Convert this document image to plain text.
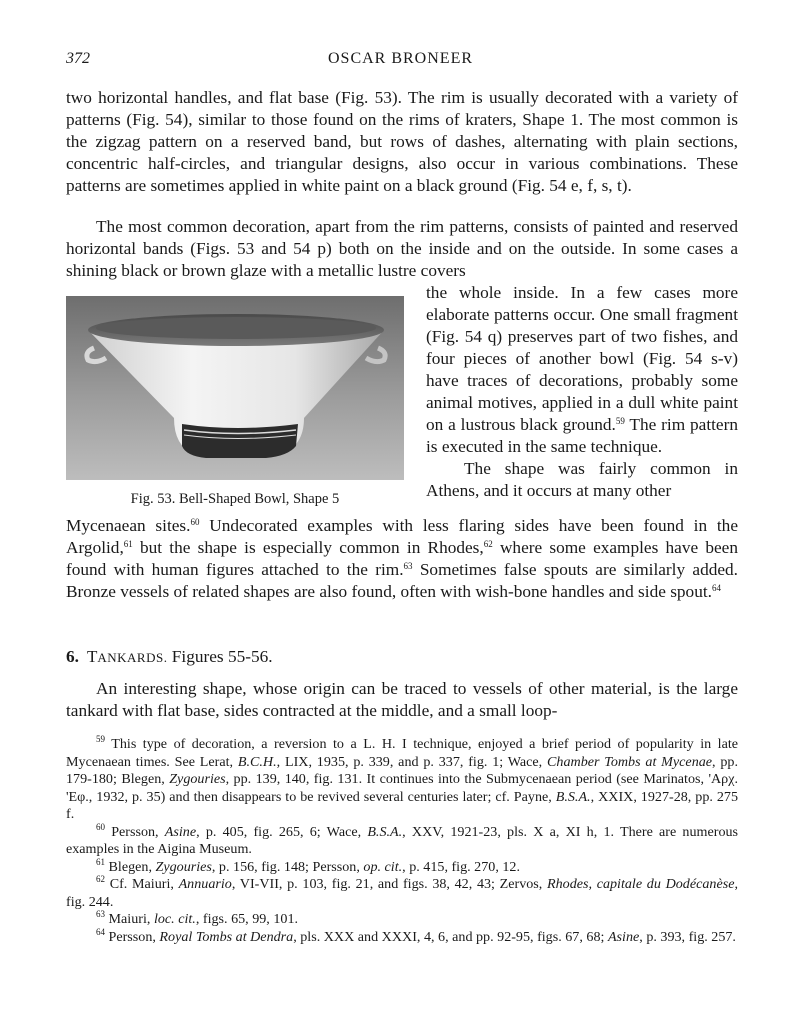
372	OSCAR BRONEER

two horizontal handles, and flat base (Fig. 53). The rim is usually decorated with a variety of patterns (Fig. 54), similar to those found on the rims of kraters, Shape 1. The most common is the zigzag pattern on a reserved band, but rows of dashes, alternating with plain sections, concentric half-circles, and triangular designs, also occur in various combinations. These patterns are sometimes applied in white paint on a black ground (Fig. 54 e, f, s, t).

The most common decoration, apart from the rim patterns, consists of painted and reserved horizontal bands (Figs. 53 and 54 p) both on the inside and on the outside. In some cases a shining black or brown glaze with a metallic lustre covers

Fig. 53. Bell-Shaped Bowl, Shape 5

the whole inside. In a few cases more elaborate patterns occur. One small fragment (Fig. 54 q) preserves part of two fishes, and four pieces of another bowl (Fig. 54 s-v) have traces of decorations, probably some animal motives, applied in a dull white paint on a lustrous black ground.$^{59}$ The rim pattern is executed in the same technique.

The shape was fairly common in Athens, and it occurs at many other

Mycenaean sites.$^{60}$ Undecorated examples with less flaring sides have been found in the Argolid,$^{61}$ but the shape is especially common in Rhodes,$^{62}$ where some examples have been found with human figures attached to the rim.$^{63}$ Sometimes false spouts are similarly added. Bronze vessels of related shapes are also found, often with wish-bone handles and side spout.$^{64}$

6. TANKARDS. Figures 55-56.

An interesting shape, whose origin can be traced to vessels of other material, is the large tankard with flat base, sides contracted at the middle, and a small loop-

$^{59}$ This type of decoration, a reversion to a L. H. I technique, enjoyed a brief period of popularity in late Mycenaean times. See Lerat, B.C.H., LIX, 1935, p. 339, and p. 337, fig. 1; Wace, Chamber Tombs at Mycenae, pp. 179-180; Blegen, Zygouries, pp. 139, 140, fig. 131. It continues into the Submycenaean period (see Marinatos, 'Αρχ. 'Εφ., 1932, p. 35) and then disappears to be revived several centuries later; cf. Payne, B.S.A., XXIX, 1927-28, pp. 275 f.

$^{60}$ Persson, Asine, p. 405, fig. 265, 6; Wace, B.S.A., XXV, 1921-23, pls. X a, XI h, 1. There are numerous examples in the Aigina Museum.

$^{61}$ Blegen, Zygouries, p. 156, fig. 148; Persson, op. cit., p. 415, fig. 270, 12.

$^{62}$ Cf. Maiuri, Annuario, VI-VII, p. 103, fig. 21, and figs. 38, 42, 43; Zervos, Rhodes, capitale du Dodécanèse, fig. 244.

$^{63}$ Maiuri, loc. cit., figs. 65, 99, 101.

$^{64}$ Persson, Royal Tombs at Dendra, pls. XXX and XXXI, 4, 6, and pp. 92-95, figs. 67, 68; Asine, p. 393, fig. 257.
